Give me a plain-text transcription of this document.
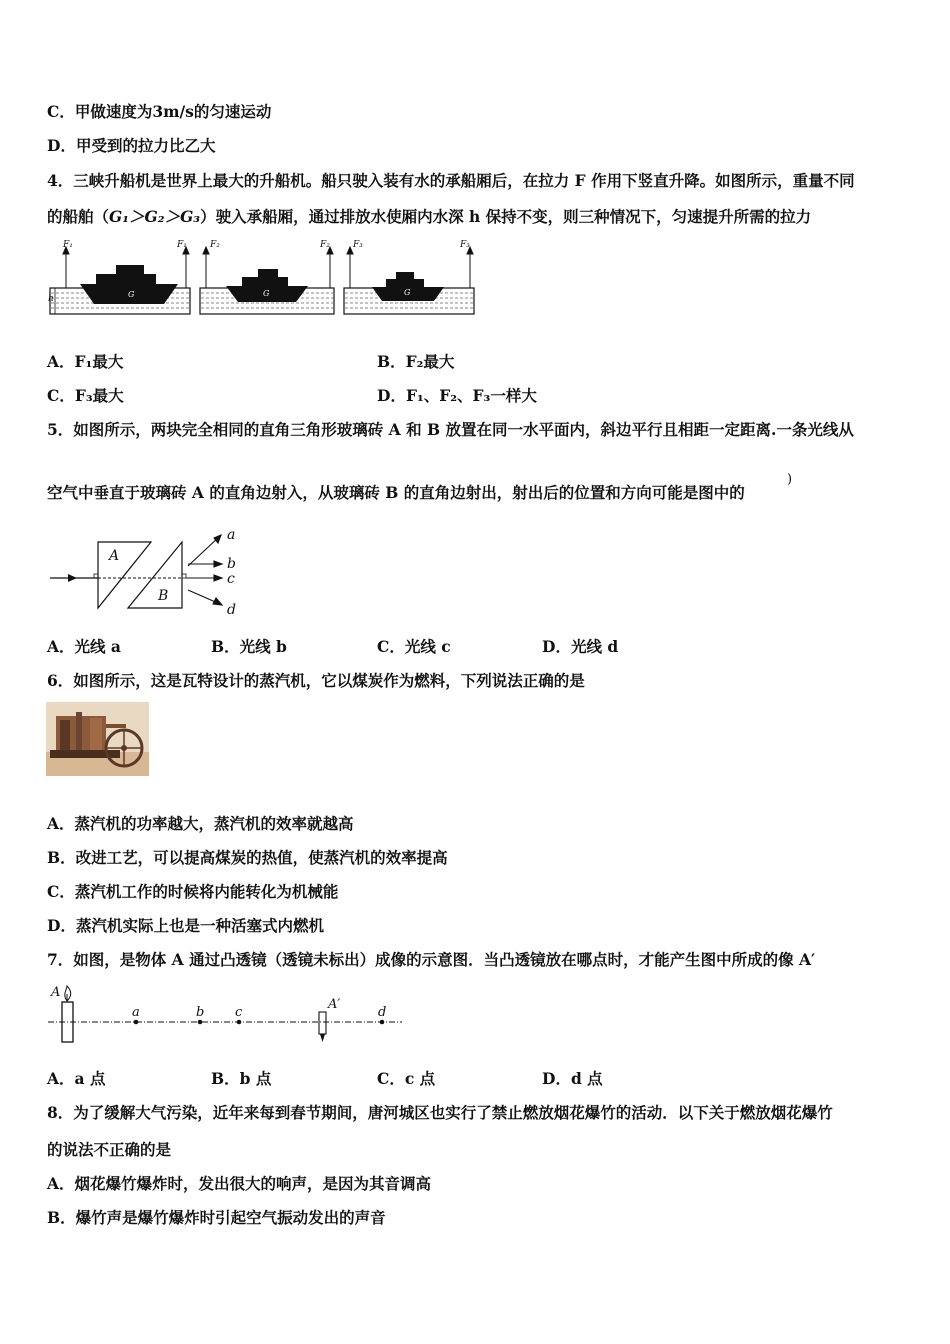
C．甲做速度为3m/s的匀速运动
D．甲受到的拉力比乙大
4．三峡升船机是世界上最大的升船机。船只驶入装有水的承船厢后，在拉力 F 作用下竖直升降。如图所示，重量不同
的船舶（G₁＞G₂＞G₃）驶入承船厢，通过排放水使厢内水深 h 保持不变，则三种情况下，匀速提升所需的拉力
G	G	G
F₁	F₁	F₂	F₂	F₃	F₃
h
A．F₁最大	B．F₂最大
C．F₃最大	D．F₁、F₂、F₃一样大
5．如图所示，两块完全相同的直角三角形玻璃砖 A 和 B 放置在同一水平面内，斜边平行且相距一定距离.一条光线从
空气中垂直于玻璃砖 A 的直角边射入，从玻璃砖 B 的直角边射出，射出后的位置和方向可能是图中的
)
A
B
a
b
c
d
A．光线 a	B．光线 b	C．光线 c	D．光线 d
6．如图所示，这是瓦特设计的蒸汽机，它以煤炭作为燃料，下列说法正确的是
A．蒸汽机的功率越大，蒸汽机的效率就越高
B．改进工艺，可以提高煤炭的热值，使蒸汽机的效率提高
C．蒸汽机工作的时候将内能转化为机械能
D．蒸汽机实际上也是一种活塞式内燃机
7．如图，是物体 A 通过凸透镜（透镜未标出）成像的示意图．当凸透镜放在哪点时，才能产生图中所成的像 A′
A
a	b c
A′
d
A．a 点	B．b 点	C．c 点	D．d 点
8．为了缓解大气污染，近年来每到春节期间，唐河城区也实行了禁止燃放烟花爆竹的活动．以下关于燃放烟花爆竹
的说法不正确的是
A．烟花爆竹爆炸时，发出很大的响声，是因为其音调高
B．爆竹声是爆竹爆炸时引起空气振动发出的声音
